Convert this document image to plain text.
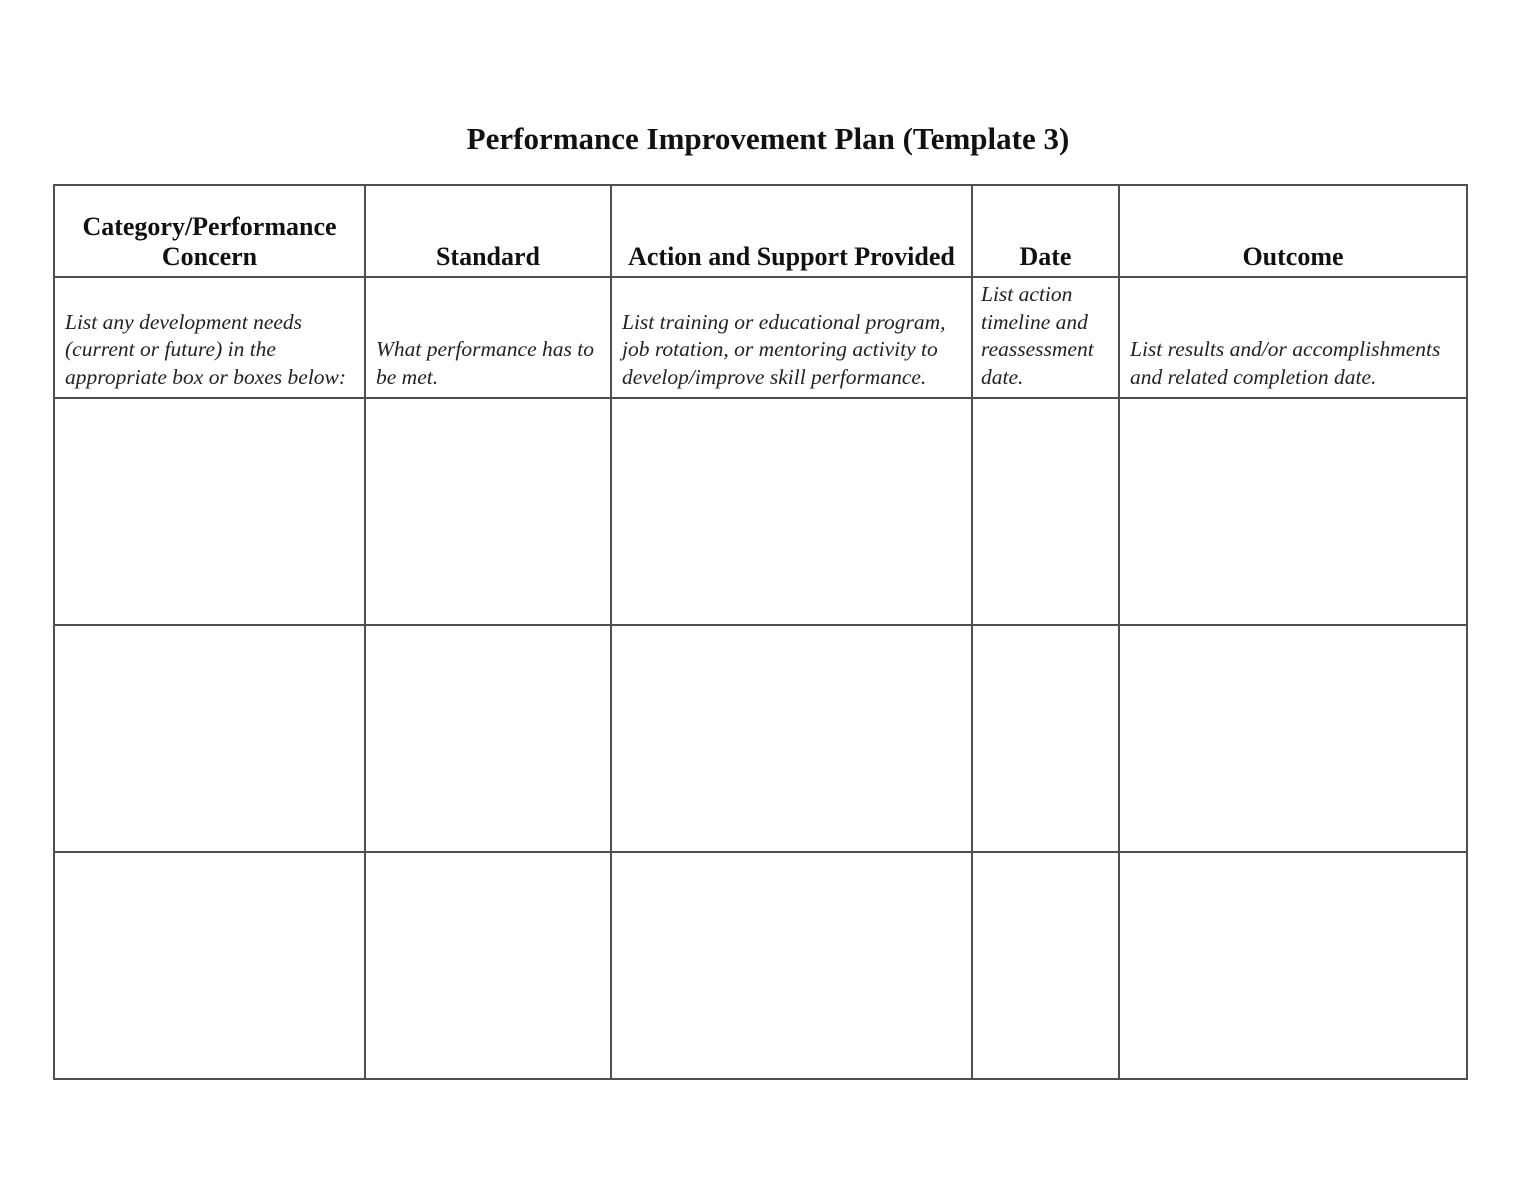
Performance Improvement Plan (Template 3)
Category/Performance Concern	Standard	Action and Support Provided	Date	Outcome
List any development needs (current or future) in the appropriate box or boxes below:	What performance has to be met.	List training or educational program, job rotation, or mentoring activity to develop/improve skill performance.	List action timeline and reassessment date.	List results and/or accomplishments and related completion date.
